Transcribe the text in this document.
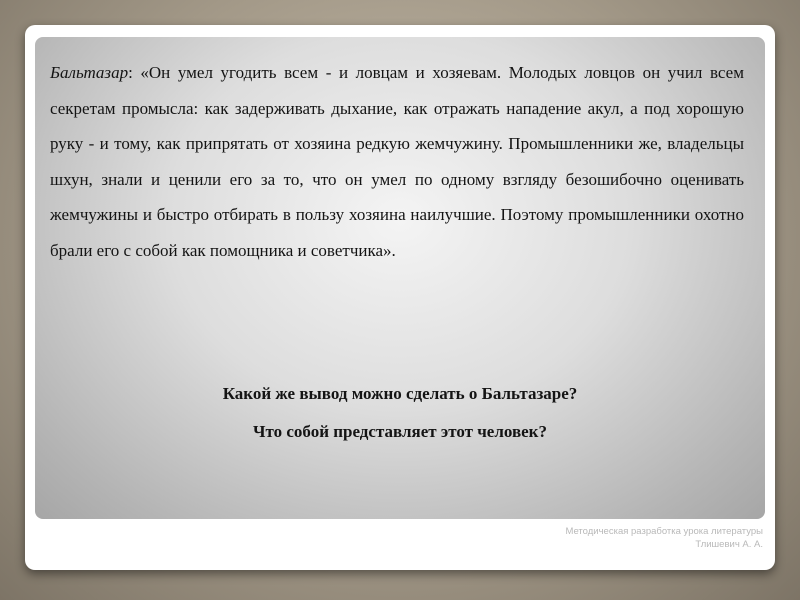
Бальтазар: «Он умел угодить всем - и ловцам и хозяевам. Молодых ловцов он учил всем секретам промысла: как задерживать дыхание, как отражать нападение акул, а под хорошую руку - и тому, как припрятать от хозяина редкую жемчужину. Промышленники же, владельцы шхун, знали и ценили его за то, что он умел по одному взгляду безошибочно оценивать жемчужины и быстро отбирать в пользу хозяина наилучшие. Поэтому промышленники охотно брали его с собой как помощника и советчика».

Какой же вывод можно сделать о Бальтазаре?
Что собой представляет этот человек?
Методическая разработка урока литературы
Тлишевич А. А.
